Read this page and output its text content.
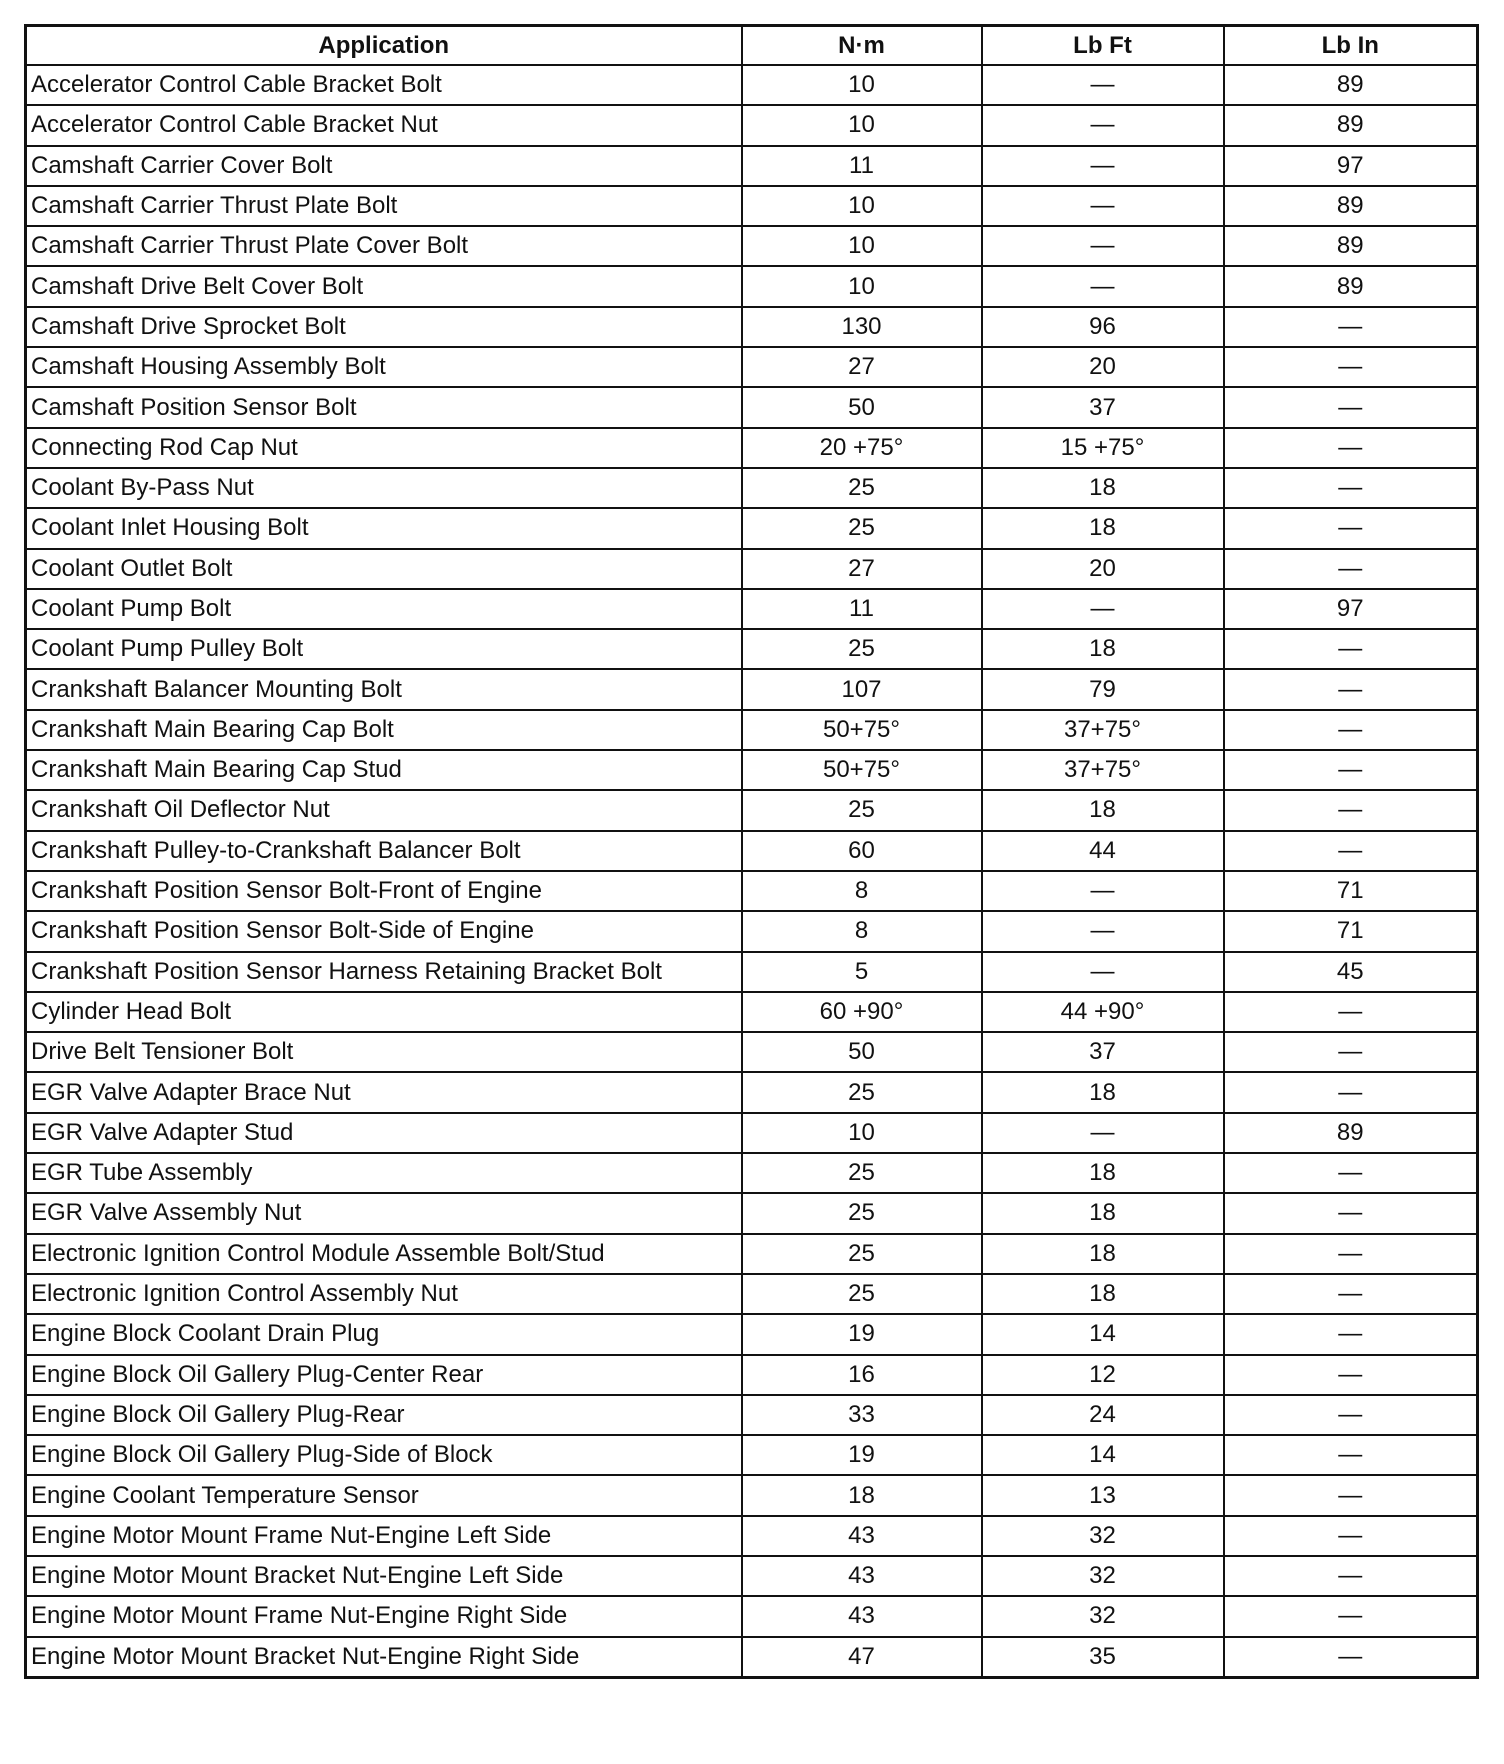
Application	N·m	Lb Ft	Lb In
Accelerator Control Cable Bracket Bolt	10	—	89
Accelerator Control Cable Bracket Nut	10	—	89
Camshaft Carrier Cover Bolt	11	—	97
Camshaft Carrier Thrust Plate Bolt	10	—	89
Camshaft Carrier Thrust Plate Cover Bolt	10	—	89
Camshaft Drive Belt Cover Bolt	10	—	89
Camshaft Drive Sprocket Bolt	130	96	—
Camshaft Housing Assembly Bolt	27	20	—
Camshaft Position Sensor Bolt	50	37	—
Connecting Rod Cap Nut	20 +75°	15 +75°	—
Coolant By-Pass Nut	25	18	—
Coolant Inlet Housing Bolt	25	18	—
Coolant Outlet Bolt	27	20	—
Coolant Pump Bolt	11	—	97
Coolant Pump Pulley Bolt	25	18	—
Crankshaft Balancer Mounting Bolt	107	79	—
Crankshaft Main Bearing Cap Bolt	50+75°	37+75°	—
Crankshaft Main Bearing Cap Stud	50+75°	37+75°	—
Crankshaft Oil Deflector Nut	25	18	—
Crankshaft Pulley-to-Crankshaft Balancer Bolt	60	44	—
Crankshaft Position Sensor Bolt-Front of Engine	8	—	71
Crankshaft Position Sensor Bolt-Side of Engine	8	—	71
Crankshaft Position Sensor Harness Retaining Bracket Bolt	5	—	45
Cylinder Head Bolt	60 +90°	44 +90°	—
Drive Belt Tensioner Bolt	50	37	—
EGR Valve Adapter Brace Nut	25	18	—
EGR Valve Adapter Stud	10	—	89
EGR Tube Assembly	25	18	—
EGR Valve Assembly Nut	25	18	—
Electronic Ignition Control Module Assemble Bolt/Stud	25	18	—
Electronic Ignition Control Assembly Nut	25	18	—
Engine Block Coolant Drain Plug	19	14	—
Engine Block Oil Gallery Plug-Center Rear	16	12	—
Engine Block Oil Gallery Plug-Rear	33	24	—
Engine Block Oil Gallery Plug-Side of Block	19	14	—
Engine Coolant Temperature Sensor	18	13	—
Engine Motor Mount Frame Nut-Engine Left Side	43	32	—
Engine Motor Mount Bracket Nut-Engine Left Side	43	32	—
Engine Motor Mount Frame Nut-Engine Right Side	43	32	—
Engine Motor Mount Bracket Nut-Engine Right Side	47	35	—
